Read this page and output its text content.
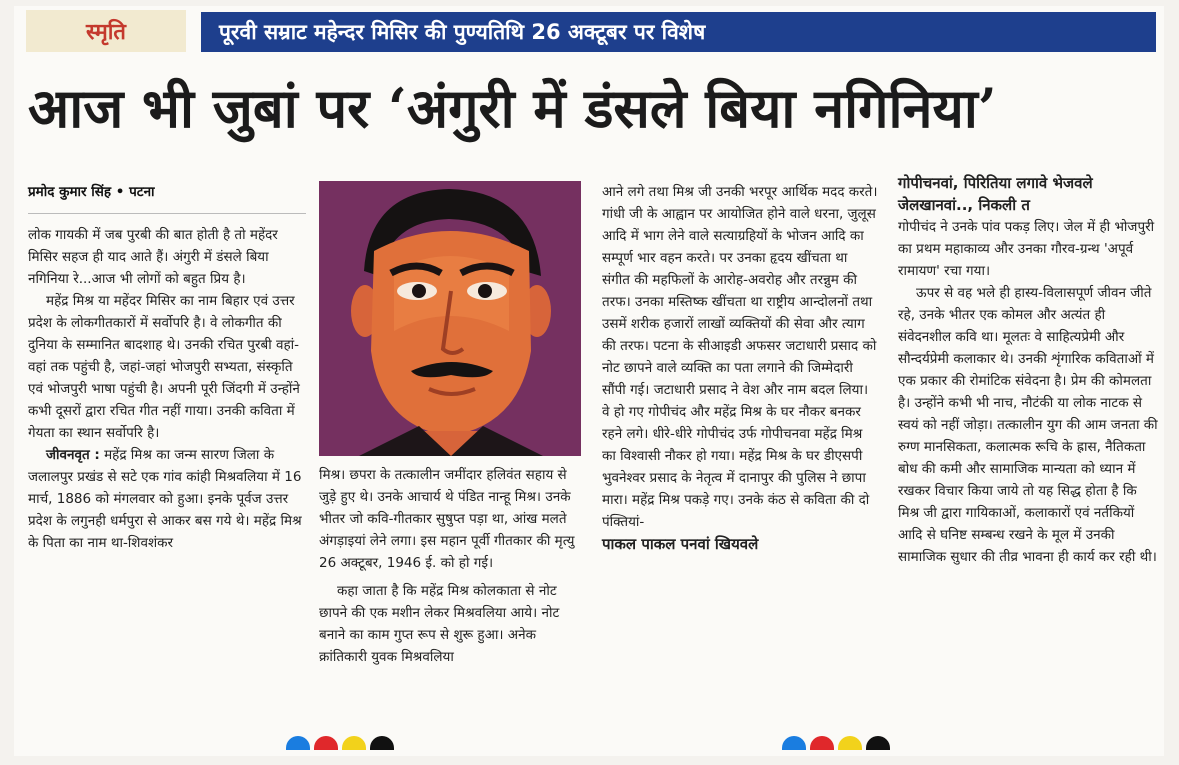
स्मृति	पूरवी सम्राट महेन्दर मिसिर की पुण्यतिथि 26 अक्टूबर पर विशेष
आज भी जुबां पर ‘अंगुरी में डंसले बिया नगिनिया’

प्रमोद कुमार सिंह • पटना

लोक गायकी में जब पुरबी की बात होती है तो महेंदर मिसिर सहज ही याद आते हैं। अंगुरी में डंसले बिया नगिनिया रे...आज भी लोगों को बहुत प्रिय है।

महेंद्र मिश्र या महेंदर मिसिर का नाम बिहार एवं उत्तर प्रदेश के लोकगीतकारों में सर्वोपरि है। वे लोकगीत की दुनिया के सम्मानित बादशाह थे। उनकी रचित पुरबी वहां-वहां तक पहुंची है, जहां-जहां भोजपुरी सभ्यता, संस्कृति एवं भोजपुरी भाषा पहुंची है। अपनी पूरी जिंदगी में उन्होंने कभी दूसरों द्वारा रचित गीत नहीं गाया। उनकी कविता में गेयता का स्थान सर्वोपरि है।

जीवनवृत : महेंद्र मिश्र का जन्म सारण जिला के जलालपुर प्रखंड से सटे एक गांव कांही मिश्रवलिया में 16 मार्च, 1886 को मंगलवार को हुआ। इनके पूर्वज उत्तर प्रदेश के लगुनही धर्मपुरा से आकर बस गये थे। महेंद्र मिश्र के पिता का नाम था-शिवशंकर

मिश्र। छपरा के तत्कालीन जमींदार हलिवंत सहाय से जुड़े हुए थे। उनके आचार्य थे पंडित नान्हू मिश्र। उनके भीतर जो कवि-गीतकार सुषुप्त पड़ा था, आंख मलते अंगड़ाइयां लेने लगा। इस महान पूर्वी गीतकार की मृत्यु 26 अक्टूबर, 1946 ई. को हो गई।

कहा जाता है कि महेंद्र मिश्र कोलकाता से नोट छापने की एक मशीन लेकर मिश्रवलिया आये। नोट बनाने का काम गुप्त रूप से शुरू हुआ। अनेक क्रांतिकारी युवक मिश्रवलिया

आने लगे तथा मिश्र जी उनकी भरपूर आर्थिक मदद करते। गांधी जी के आह्वान पर आयोजित होने वाले धरना, जुलूस आदि में भाग लेने वाले सत्याग्रहियों के भोजन आदि का सम्पूर्ण भार वहन करते। पर उनका हृदय खींचता था संगीत की महफिलों के आरोह-अवरोह और तरन्नुम की तरफ। उनका मस्तिष्क खींचता था राष्ट्रीय आन्दोलनों तथा उसमें शरीक हजारों लाखों व्यक्तियों की सेवा और त्याग की तरफ। पटना के सीआइडी अफसर जटाधारी प्रसाद को नोट छापने वाले व्यक्ति का पता लगाने की जिम्मेदारी सौंपी गई। जटाधारी प्रसाद ने वेश और नाम बदल लिया। वे हो गए गोपीचंद और महेंद्र मिश्र के घर नौकर बनकर रहने लगे। धीरे-धीरे गोपीचंद उर्फ गोपीचनवा महेंद्र मिश्र का विश्वासी नौकर हो गया। महेंद्र मिश्र के घर डीएसपी भुवनेश्वर प्रसाद के नेतृत्व में दानापुर की पुलिस ने छापा मारा। महेंद्र मिश्र पकड़े गए। उनके कंठ से कविता की दो पंक्तियां-

पाकल पाकल पनवां खियवले

गोपीचनवां, पिरितिया लगावे भेजवले जेलखानवां.., निकली त

गोपीचंद ने उनके पांव पकड़ लिए। जेल में ही भोजपुरी का प्रथम महाकाव्य और उनका गौरव-ग्रन्थ 'अपूर्व रामायण' रचा गया।

ऊपर से वह भले ही हास्य-विलासपूर्ण जीवन जीते रहे, उनके भीतर एक कोमल और अत्यंत ही संवेदनशील कवि था। मूलतः वे साहित्यप्रेमी और सौन्दर्यप्रेमी कलाकार थे। उनकी शृंगारिक कविताओं में एक प्रकार की रोमांटिक संवेदना है। प्रेम की कोमलता है। उन्होंने कभी भी नाच, नौटंकी या लोक नाटक से स्वयं को नहीं जोड़ा। तत्कालीन युग की आम जनता की रुग्ण मानसिकता, कलात्मक रूचि के ह्रास, नैतिकता बोध की कमी और सामाजिक मान्यता को ध्यान में रखकर विचार किया जाये तो यह सिद्ध होता है कि मिश्र जी द्वारा गायिकाओं, कलाकारों एवं नर्तकियों आदि से घनिष्ट सम्बन्ध रखने के मूल में उनकी सामाजिक सुधार की तीव्र भावना ही कार्य कर रही थी।
